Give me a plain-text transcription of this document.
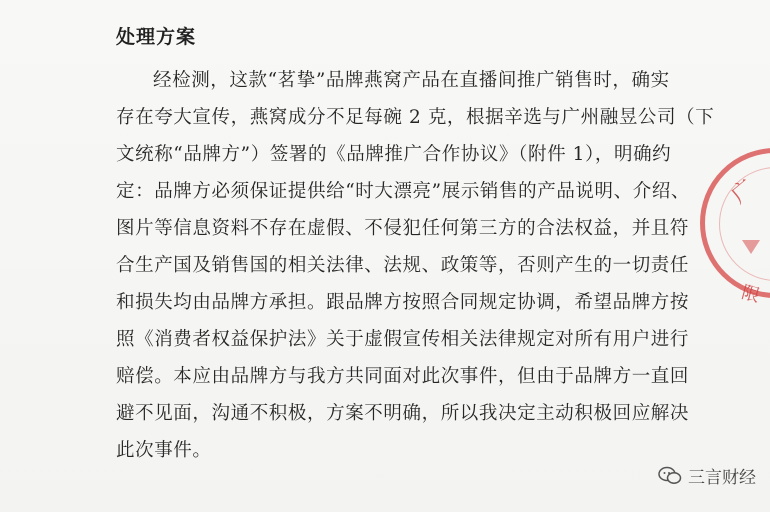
处理方案
经检测，这款“茗挚”品牌燕窝产品在直播间推广销售时，确实
存在夸大宣传，燕窝成分不足每碗 2 克，根据辛选与广州融昱公司（下
文统称“品牌方”）签署的《品牌推广合作协议》（附件 1），明确约
定：品牌方必须保证提供给“时大漂亮”展示销售的产品说明、介绍、
图片等信息资料不存在虚假、不侵犯任何第三方的合法权益，并且符
合生产国及销售国的相关法律、法规、政策等，否则产生的一切责任
和损失均由品牌方承担。跟品牌方按照合同规定协调，希望品牌方按
照《消费者权益保护法》关于虚假宣传相关法律规定对所有用户进行
赔偿。本应由品牌方与我方共同面对此次事件，但由于品牌方一直回
避不见面，沟通不积极，方案不明确，所以我决定主动积极回应解决
此次事件。
广
限
三言财经
